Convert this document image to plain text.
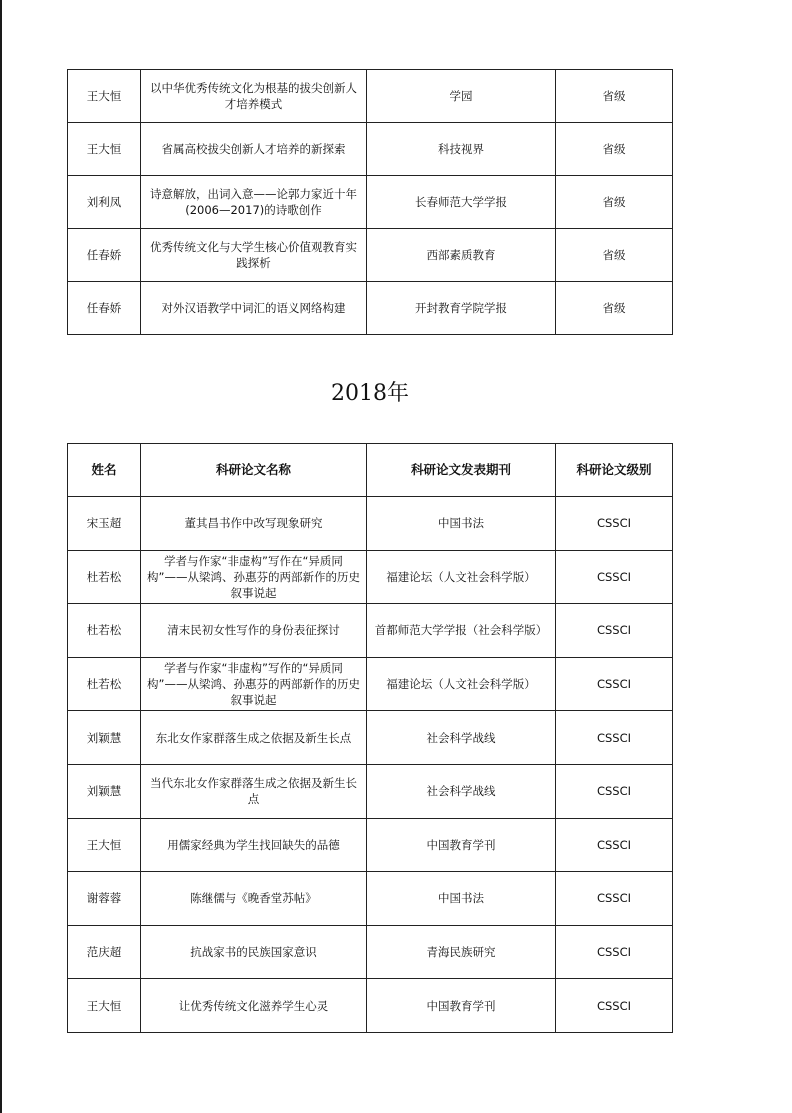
王大恒	以中华优秀传统文化为根基的拔尖创新人才培养模式	学园	省级
王大恒	省属高校拔尖创新人才培养的新探索	科技视界	省级
刘利凤	诗意解放，出词入意——论郭力家近十年(2006—2017)的诗歌创作	长春师范大学学报	省级
任春娇	优秀传统文化与大学生核心价值观教育实践探析	西部素质教育	省级
任春娇	对外汉语教学中词汇的语义网络构建	开封教育学院学报	省级
2018年
姓名	科研论文名称	科研论文发表期刊	科研论文级别
宋玉超	董其昌书作中改写现象研究	中国书法	CSSCI
杜若松	学者与作家“非虚构”写作在“异质同构”——从梁鸿、孙惠芬的两部新作的历史叙事说起	福建论坛（人文社会科学版）	CSSCI
杜若松	清末民初女性写作的身份表征探讨	首都师范大学学报（社会科学版）	CSSCI
杜若松	学者与作家“非虚构”写作的“异质同构”——从梁鸿、孙惠芬的两部新作的历史叙事说起	福建论坛（人文社会科学版）	CSSCI
刘颖慧	东北女作家群落生成之依据及新生长点	社会科学战线	CSSCI
刘颖慧	当代东北女作家群落生成之依据及新生长点	社会科学战线	CSSCI
王大恒	用儒家经典为学生找回缺失的品德	中国教育学刊	CSSCI
谢蓉蓉	陈继儒与《晚香堂苏帖》	中国书法	CSSCI
范庆超	抗战家书的民族国家意识	青海民族研究	CSSCI
王大恒	让优秀传统文化滋养学生心灵	中国教育学刊	CSSCI
